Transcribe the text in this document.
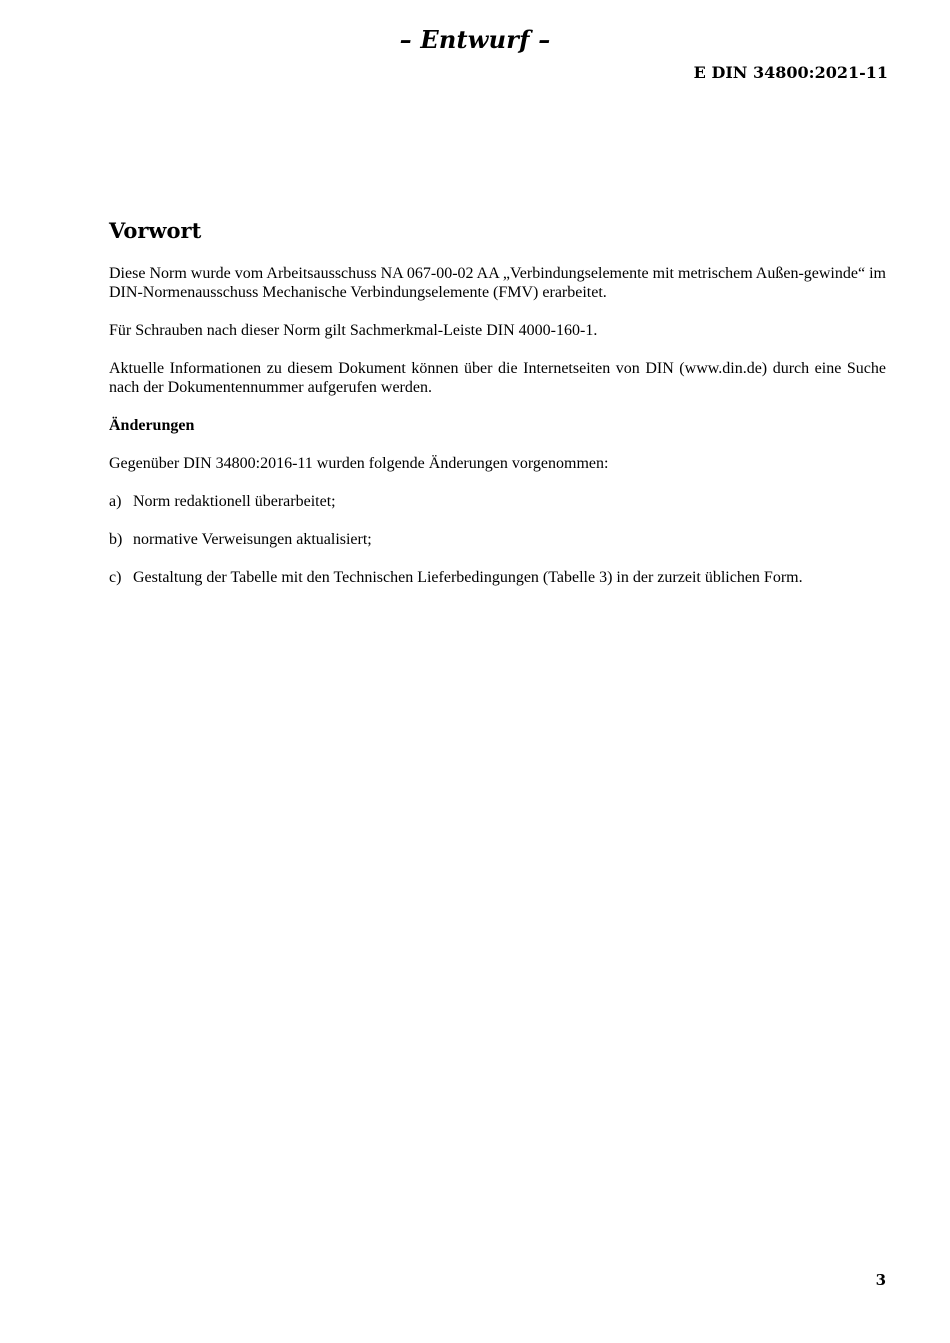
– Entwurf –
E DIN 34800:2021-11
Vorwort

Diese Norm wurde vom Arbeitsausschuss NA 067-00-02 AA „Verbindungselemente mit metrischem Außen-gewinde“ im DIN-Normenausschuss Mechanische Verbindungselemente (FMV) erarbeitet.

Für Schrauben nach dieser Norm gilt Sachmerkmal-Leiste DIN 4000-160-1.

Aktuelle Informationen zu diesem Dokument können über die Internetseiten von DIN (www.din.de) durch eine Suche nach der Dokumentennummer aufgerufen werden.

Änderungen

Gegenüber DIN 34800:2016-11 wurden folgende Änderungen vorgenommen:

a) Norm redaktionell überarbeitet;
b) normative Verweisungen aktualisiert;
c) Gestaltung der Tabelle mit den Technischen Lieferbedingungen (Tabelle 3) in der zurzeit üblichen Form.
3
